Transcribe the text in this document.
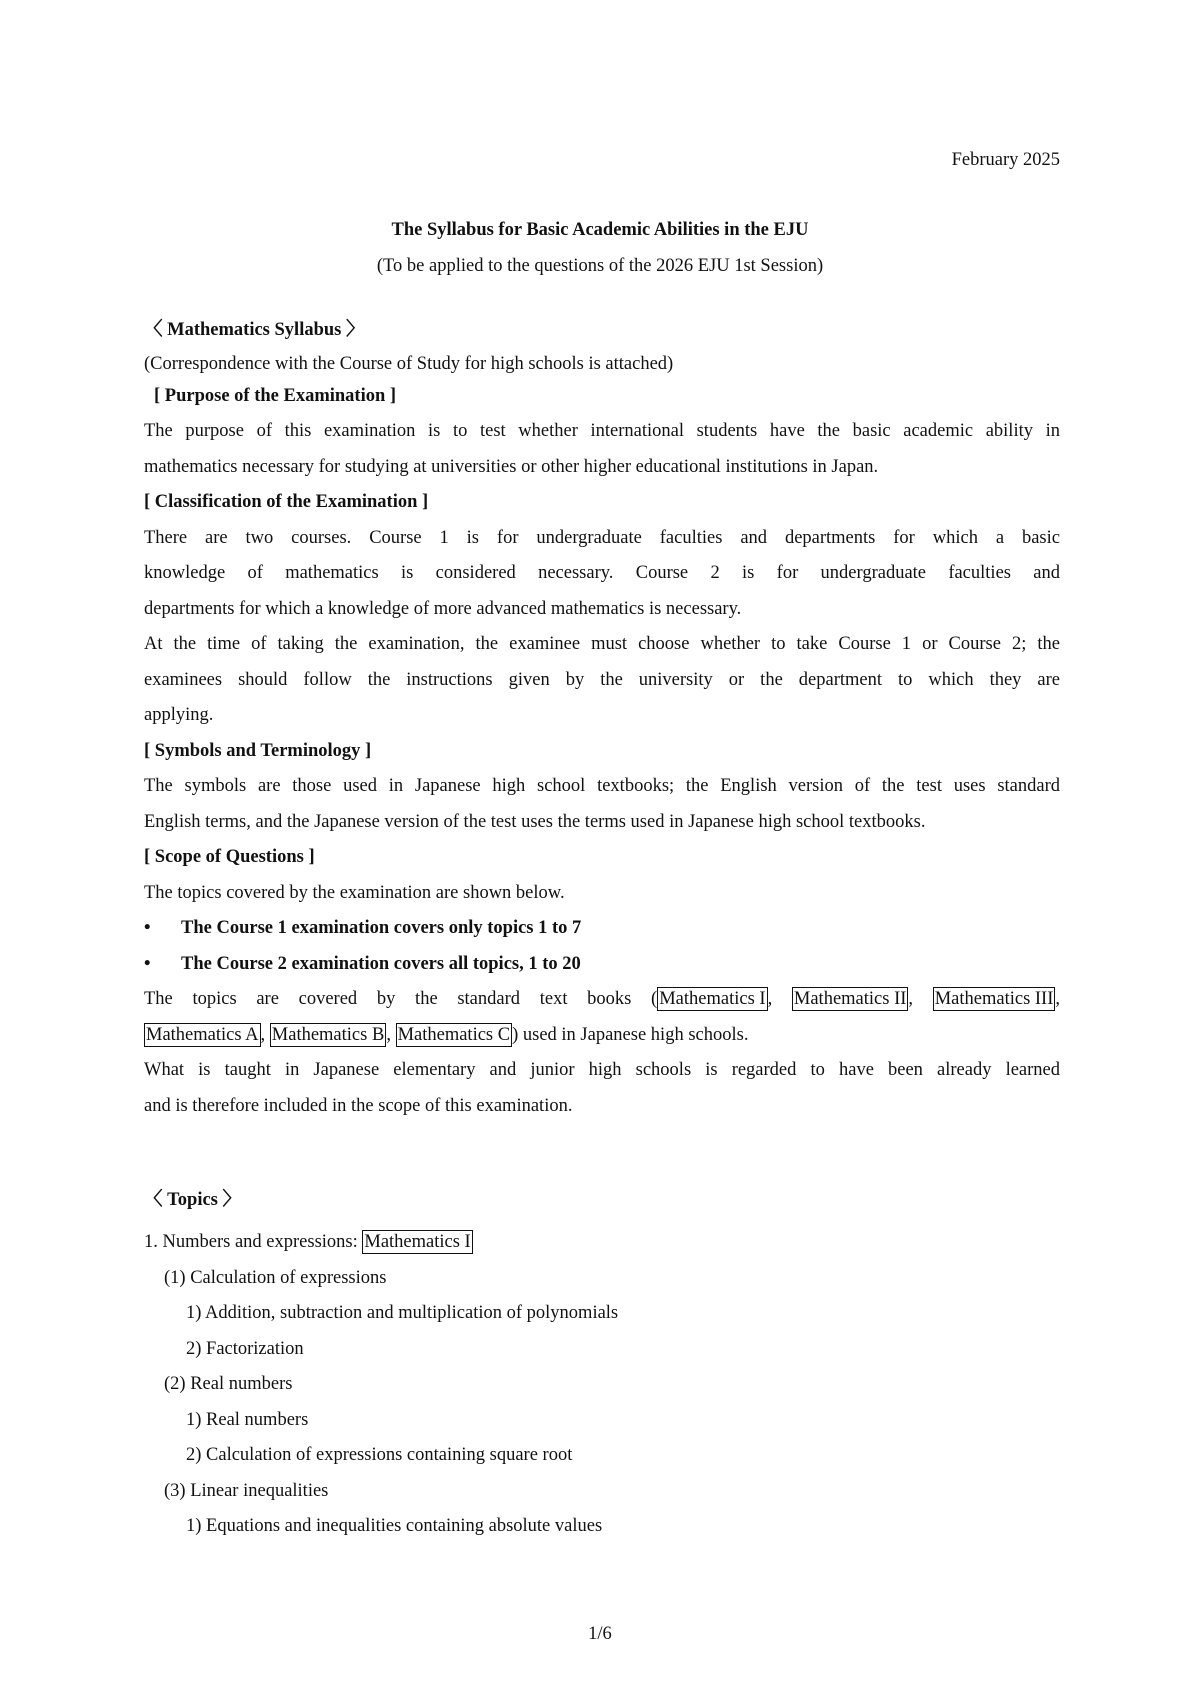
February 2025
The Syllabus for Basic Academic Abilities in the EJU
(To be applied to the questions of the 2026 EJU 1st Session)
〈 Mathematics Syllabus 〉
(Correspondence with the Course of Study for high schools is attached)
[ Purpose of the Examination ]
The purpose of this examination is to test whether international students have the basic academic ability in
mathematics necessary for studying at universities or other higher educational institutions in Japan.
[ Classification of the Examination ]
There are two courses. Course 1 is for undergraduate faculties and departments for which a basic
knowledge of mathematics is considered necessary. Course 2 is for undergraduate faculties and
departments for which a knowledge of more advanced mathematics is necessary.
At the time of taking the examination, the examinee must choose whether to take Course 1 or Course 2; the
examinees should follow the instructions given by the university or the department to which they are
applying.
[ Symbols and Terminology ]
The symbols are those used in Japanese high school textbooks; the English version of the test uses standard
English terms, and the Japanese version of the test uses the terms used in Japanese high school textbooks.
[ Scope of Questions ]
The topics covered by the examination are shown below.
• The Course 1 examination covers only topics 1 to 7
• The Course 2 examination covers all topics, 1 to 20
The topics are covered by the standard text books ( Mathematics I , Mathematics II , Mathematics III ,
Mathematics A , Mathematics B , Mathematics C ) used in Japanese high schools.
What is taught in Japanese elementary and junior high schools is regarded to have been already learned
and is therefore included in the scope of this examination.
〈 Topics 〉
1. Numbers and expressions: Mathematics I
(1) Calculation of expressions
1) Addition, subtraction and multiplication of polynomials
2) Factorization
(2) Real numbers
1) Real numbers
2) Calculation of expressions containing square root
(3) Linear inequalities
1) Equations and inequalities containing absolute values
1/6
